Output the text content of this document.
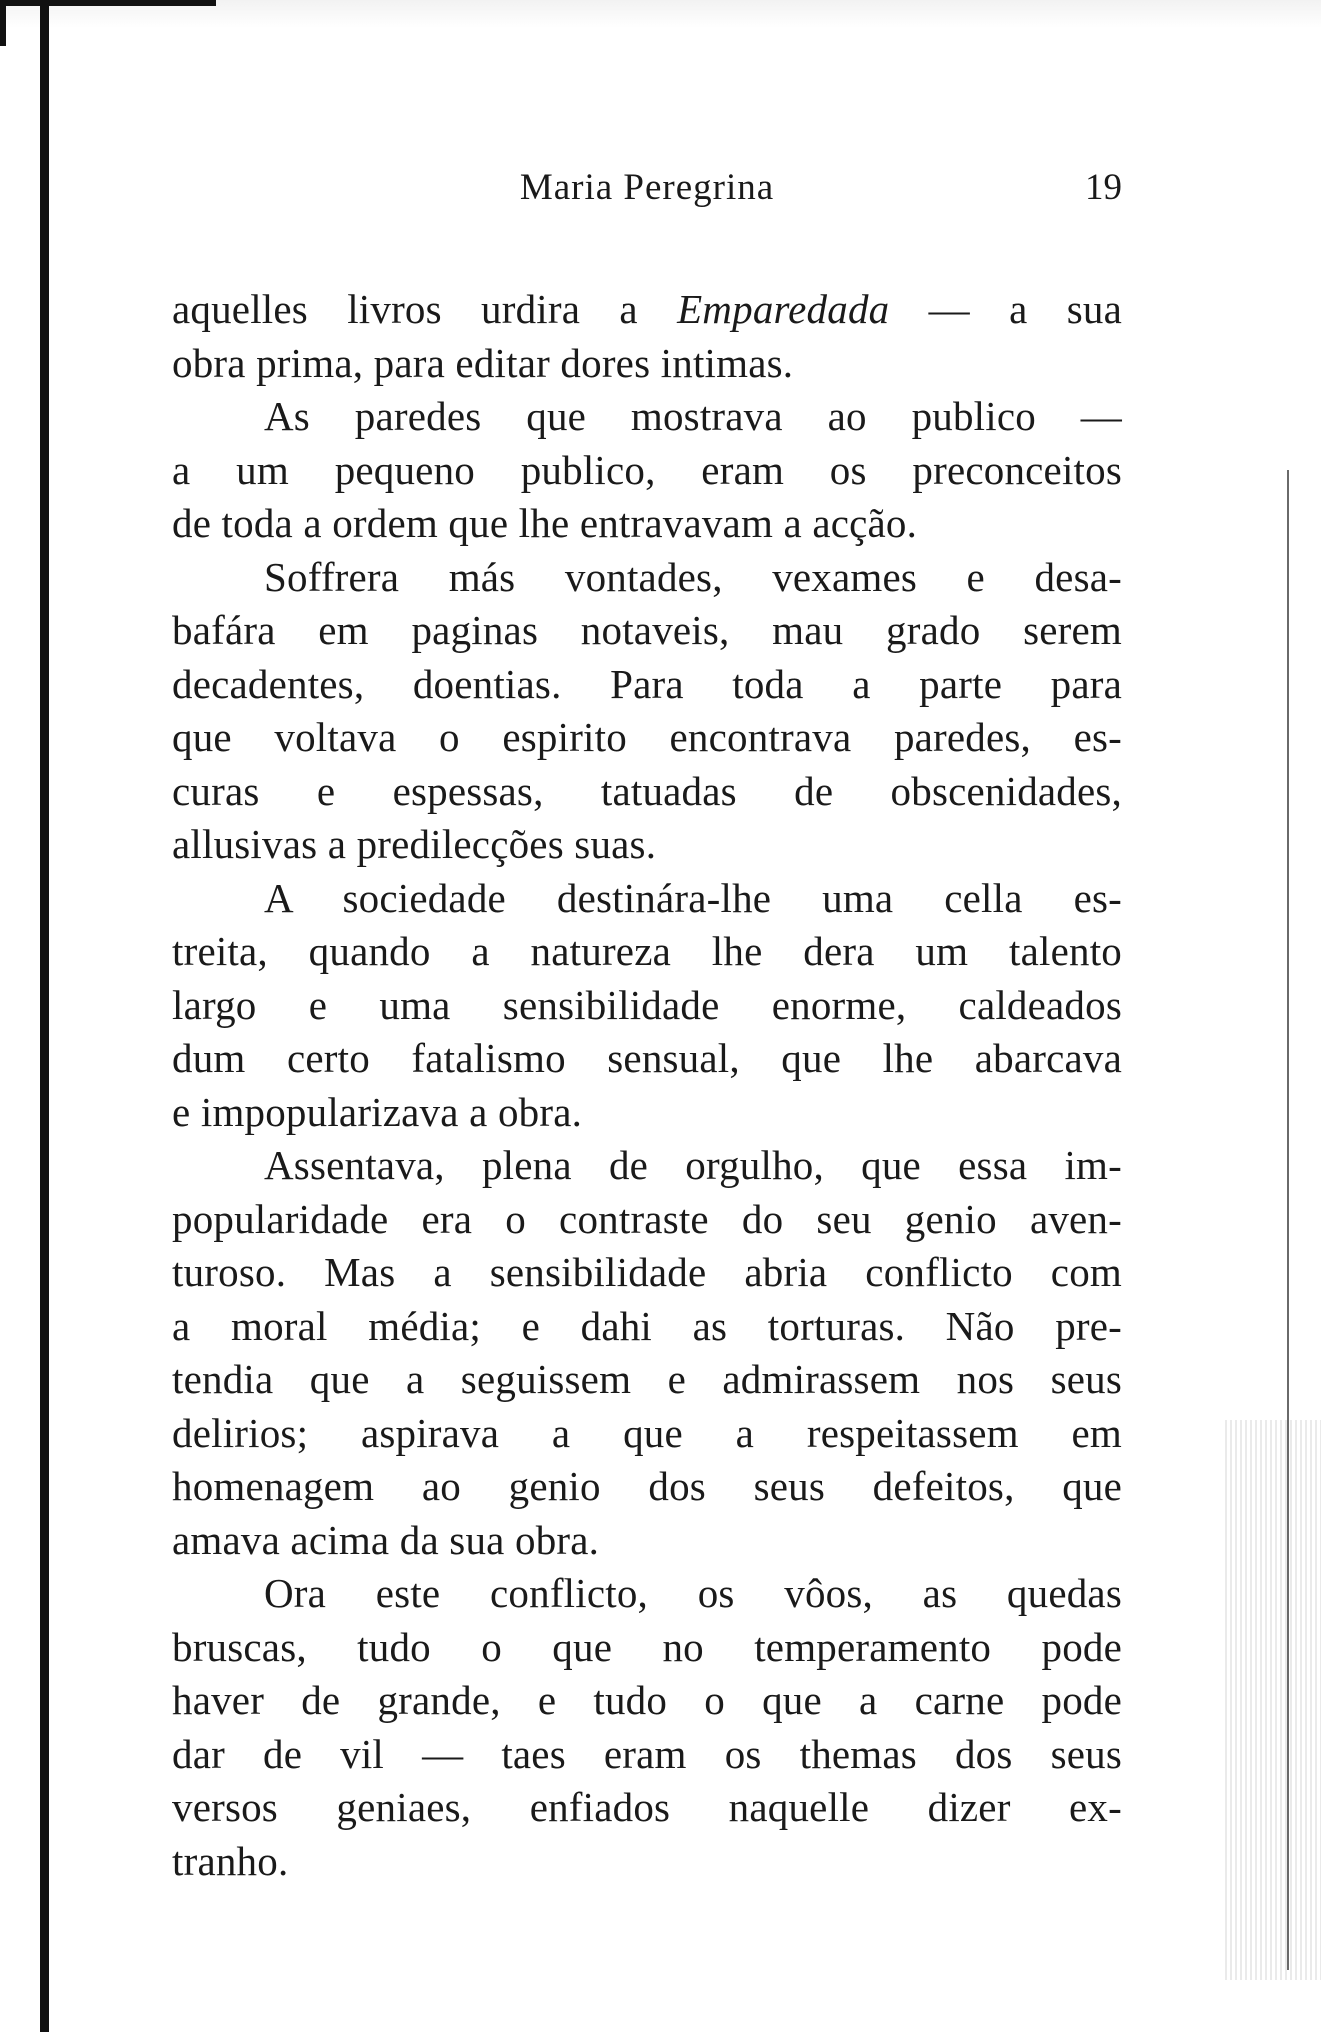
Maria Peregrina	19
aquelles livros urdira a Emparedada — a sua
obra prima, para editar dores intimas.
As paredes que mostrava ao publico —
a um pequeno publico, eram os preconceitos
de toda a ordem que lhe entravavam a acção.
Soffrera más vontades, vexames e desa-
bafára em paginas notaveis, mau grado serem
decadentes, doentias. Para toda a parte para
que voltava o espirito encontrava paredes, es-
curas e espessas, tatuadas de obscenidades,
allusivas a predilecções suas.
A sociedade destinára-lhe uma cella es-
treita, quando a natureza lhe dera um talento
largo e uma sensibilidade enorme, caldeados
dum certo fatalismo sensual, que lhe abarcava
e impopularizava a obra.
Assentava, plena de orgulho, que essa im-
popularidade era o contraste do seu genio aven-
turoso. Mas a sensibilidade abria conflicto com
a moral média; e dahi as torturas. Não pre-
tendia que a seguissem e admirassem nos seus
delirios; aspirava a que a respeitassem em
homenagem ao genio dos seus defeitos, que
amava acima da sua obra.
Ora este conflicto, os vôos, as quedas
bruscas, tudo o que no temperamento pode
haver de grande, e tudo o que a carne pode
dar de vil — taes eram os themas dos seus
versos geniaes, enfiados naquelle dizer ex-
tranho.
